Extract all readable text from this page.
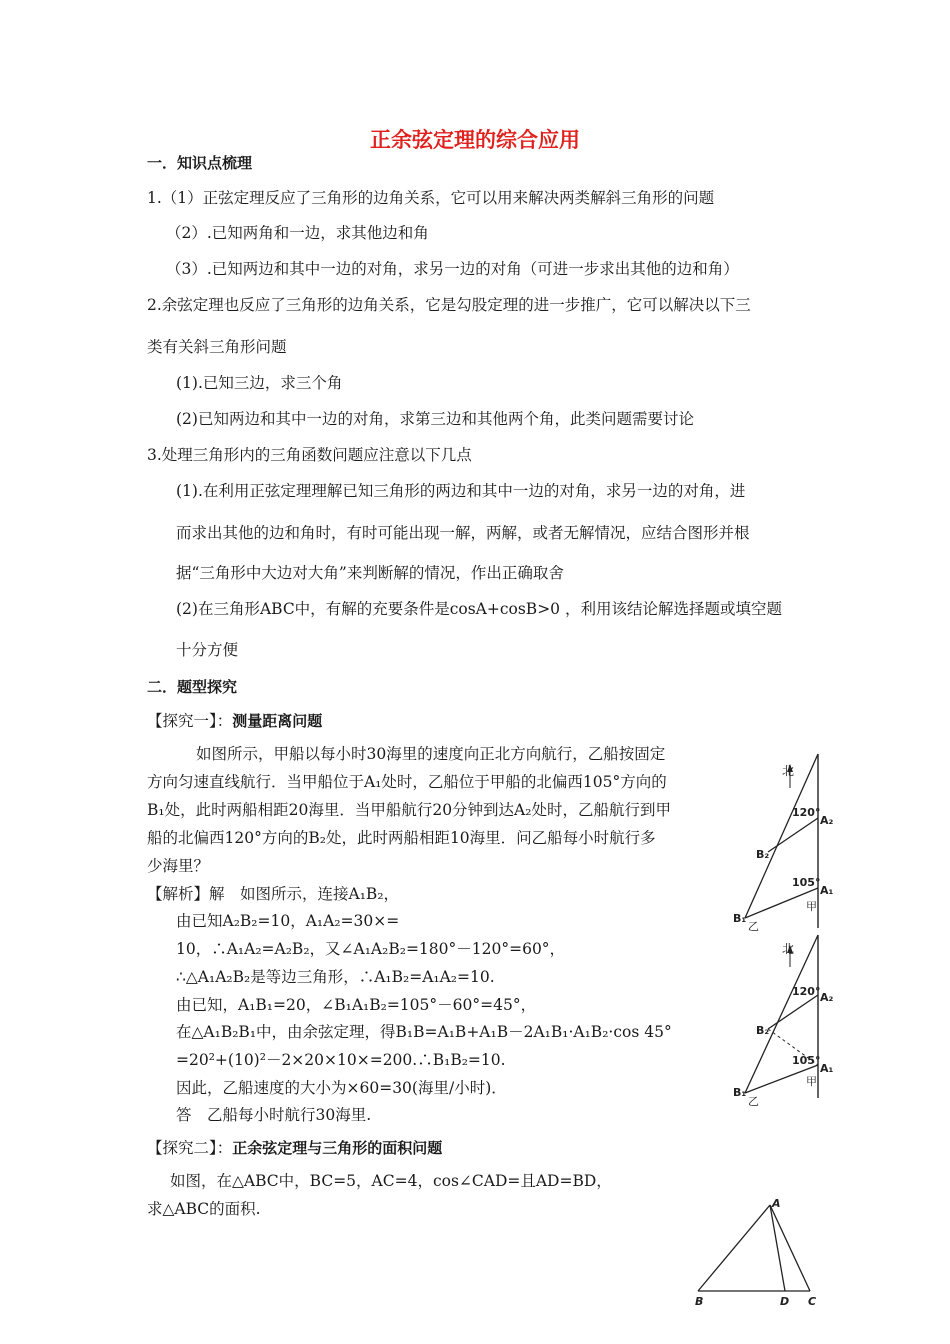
正余弦定理的综合应用
一．知识点梳理
1.（1）正弦定理反应了三角形的边角关系，它可以用来解决两类解斜三角形的问题
（2）.已知两角和一边，求其他边和角
（3）.已知两边和其中一边的对角，求另一边的对角（可进一步求出其他的边和角）
2.余弦定理也反应了三角形的边角关系，它是勾股定理的进一步推广，它可以解决以下三
类有关斜三角形问题
(1).已知三边，求三个角
(2)已知两边和其中一边的对角，求第三边和其他两个角，此类问题需要讨论
3.处理三角形内的三角函数问题应注意以下几点
(1).在利用正弦定理理解已知三角形的两边和其中一边的对角，求另一边的对角，进
而求出其他的边和角时，有时可能出现一解，两解，或者无解情况，应结合图形并根
据“三角形中大边对大角”来判断解的情况，作出正确取舍
(2)在三角形ABC中，有解的充要条件是cosA+cosB>0 ，利用该结论解选择题或填空题
十分方便
二．题型探究
【探究一】：测量距离问题
如图所示，甲船以每小时30海里的速度向正北方向航行，乙船按固定
方向匀速直线航行．当甲船位于A₁处时，乙船位于甲船的北偏西105°方向的
B₁处，此时两船相距20海里．当甲船航行20分钟到达A₂处时，乙船航行到甲
船的北偏西120°方向的B₂处，此时两船相距10海里．问乙船每小时航行多
少海里？
【解析】解　如图所示，连接A₁B₂，
由已知A₂B₂=10，A₁A₂=30×=
10，∴A₁A₂=A₂B₂，又∠A₁A₂B₂=180°－120°=60°，
∴△A₁A₂B₂是等边三角形，∴A₁B₂=A₁A₂=10.
由已知，A₁B₁=20，∠B₁A₁B₂=105°－60°=45°，
在△A₁B₂B₁中，由余弦定理，得B₁B=A₁B+A₁B－2A₁B₁·A₁B₂·cos 45°
=20²+(10)²－2×20×10×=200.∴B₁B₂=10.
因此，乙船速度的大小为×60=30(海里/小时)．
答　乙船每小时航行30海里.
【探究二】：正余弦定理与三角形的面积问题
如图，在△ABC中，BC=5，AC=4，cos∠CAD=且AD=BD，
求△ABC的面积.
北
120°
A₂
B₂
105°
A₁
甲
B₁
乙
北
120° A₂
B₂
105°
A₁
甲
B₁
乙
A
B	D C
